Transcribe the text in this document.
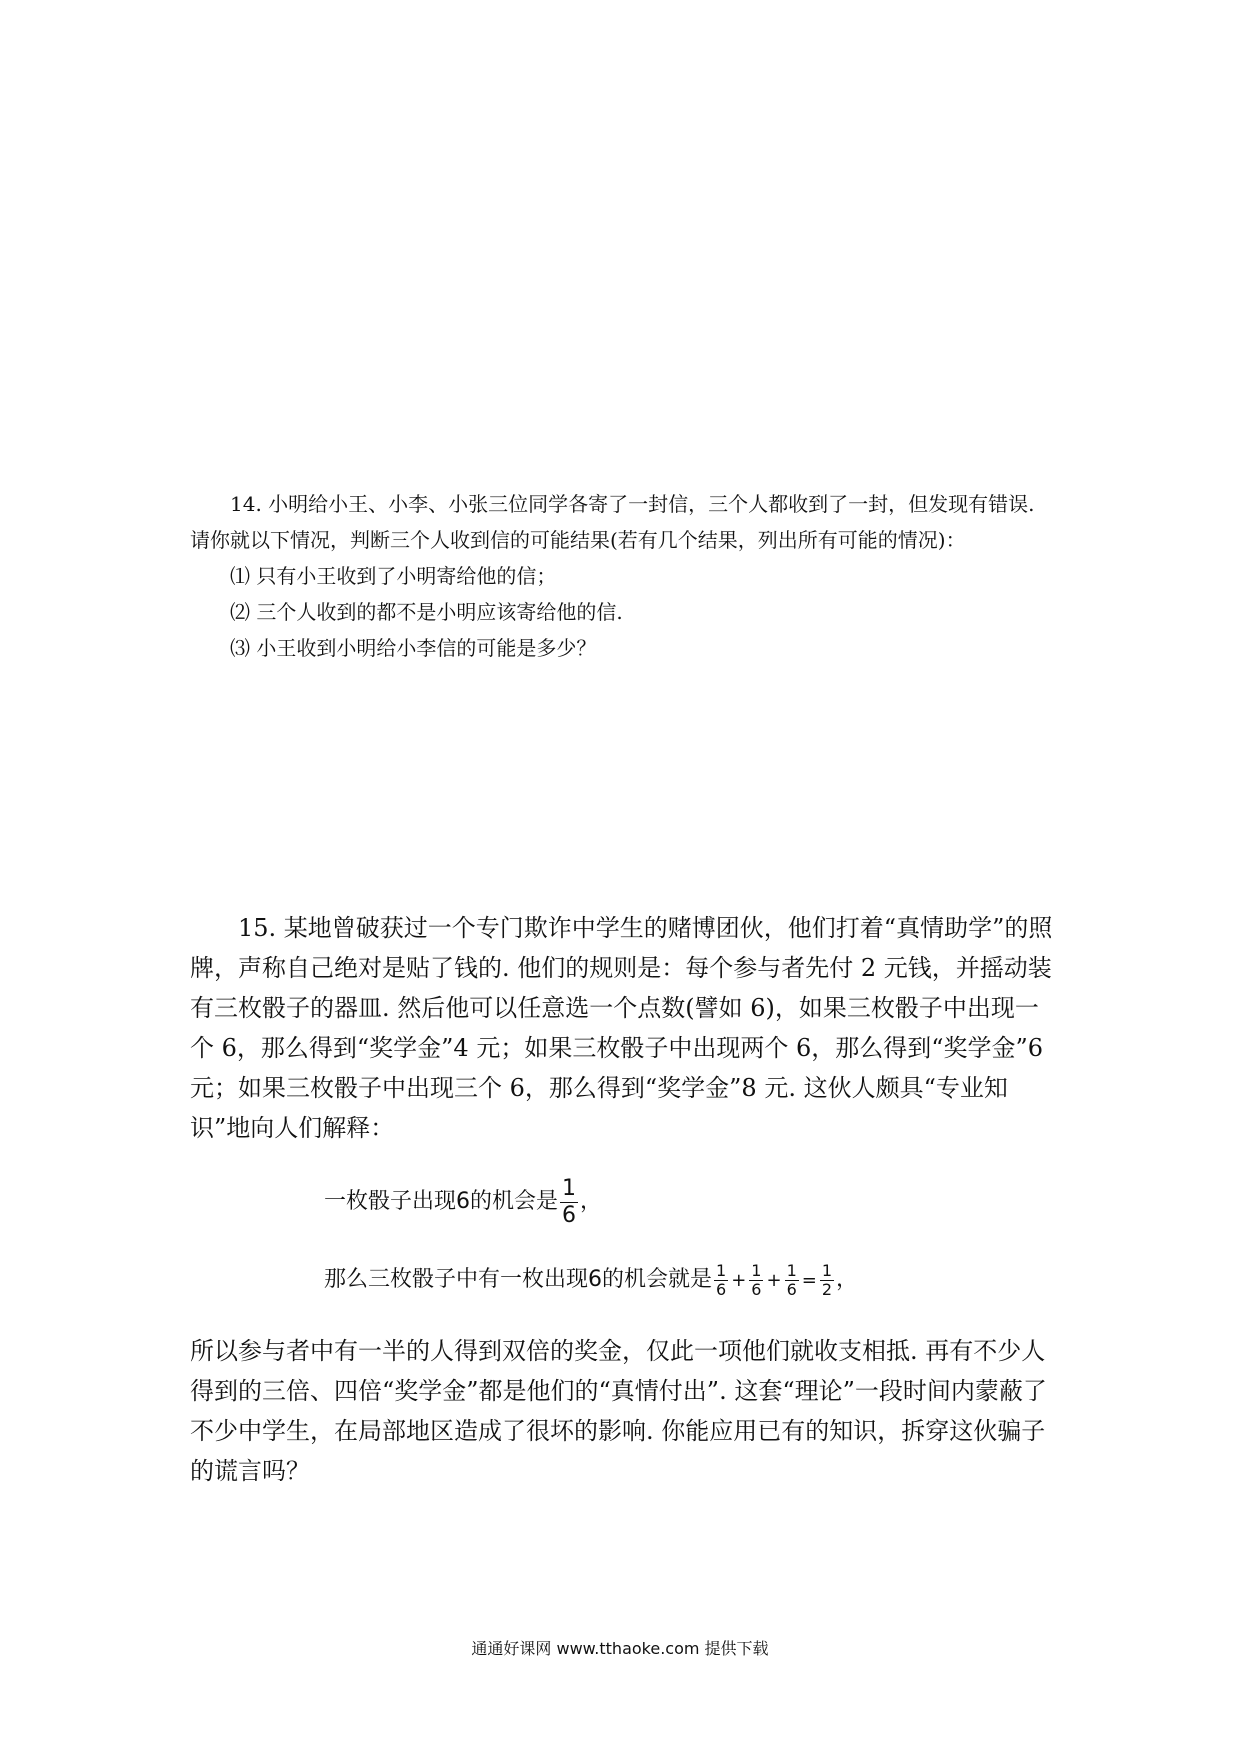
14. 小明给小王、小李、小张三位同学各寄了一封信，三个人都收到了一封，但发现有错误. 请你就以下情况，判断三个人收到信的可能结果(若有几个结果，列出所有可能的情况)：

⑴ 只有小王收到了小明寄给他的信；

⑵ 三个人收到的都不是小明应该寄给他的信.

⑶ 小王收到小明给小李信的可能是多少？

15. 某地曾破获过一个专门欺诈中学生的赌博团伙，他们打着“真情助学”的照牌，声称自己绝对是贴了钱的. 他们的规则是：每个参与者先付 2 元钱，并摇动装有三枚骰子的器皿. 然后他可以任意选一个点数(譬如 6)，如果三枚骰子中出现一个 6，那么得到“奖学金”4 元；如果三枚骰子中出现两个 6，那么得到“奖学金”6 元；如果三枚骰子中出现三个 6，那么得到“奖学金”8 元. 这伙人颇具“专业知识”地向人们解释：

一枚骰子出现6的机会是 $\frac{1}{6}$ ，

那么三枚骰子中有一枚出现6的机会就是 $\frac{1}{6} + \frac{1}{6} + \frac{1}{6} = \frac{1}{2}$ ，

所以参与者中有一半的人得到双倍的奖金，仅此一项他们就收支相抵. 再有不少人得到的三倍、四倍“奖学金”都是他们的“真情付出”. 这套“理论”一段时间内蒙蔽了不少中学生，在局部地区造成了很坏的影响. 你能应用已有的知识，拆穿这伙骗子的谎言吗？

通通好课网 www.tthaoke.com 提供下载
